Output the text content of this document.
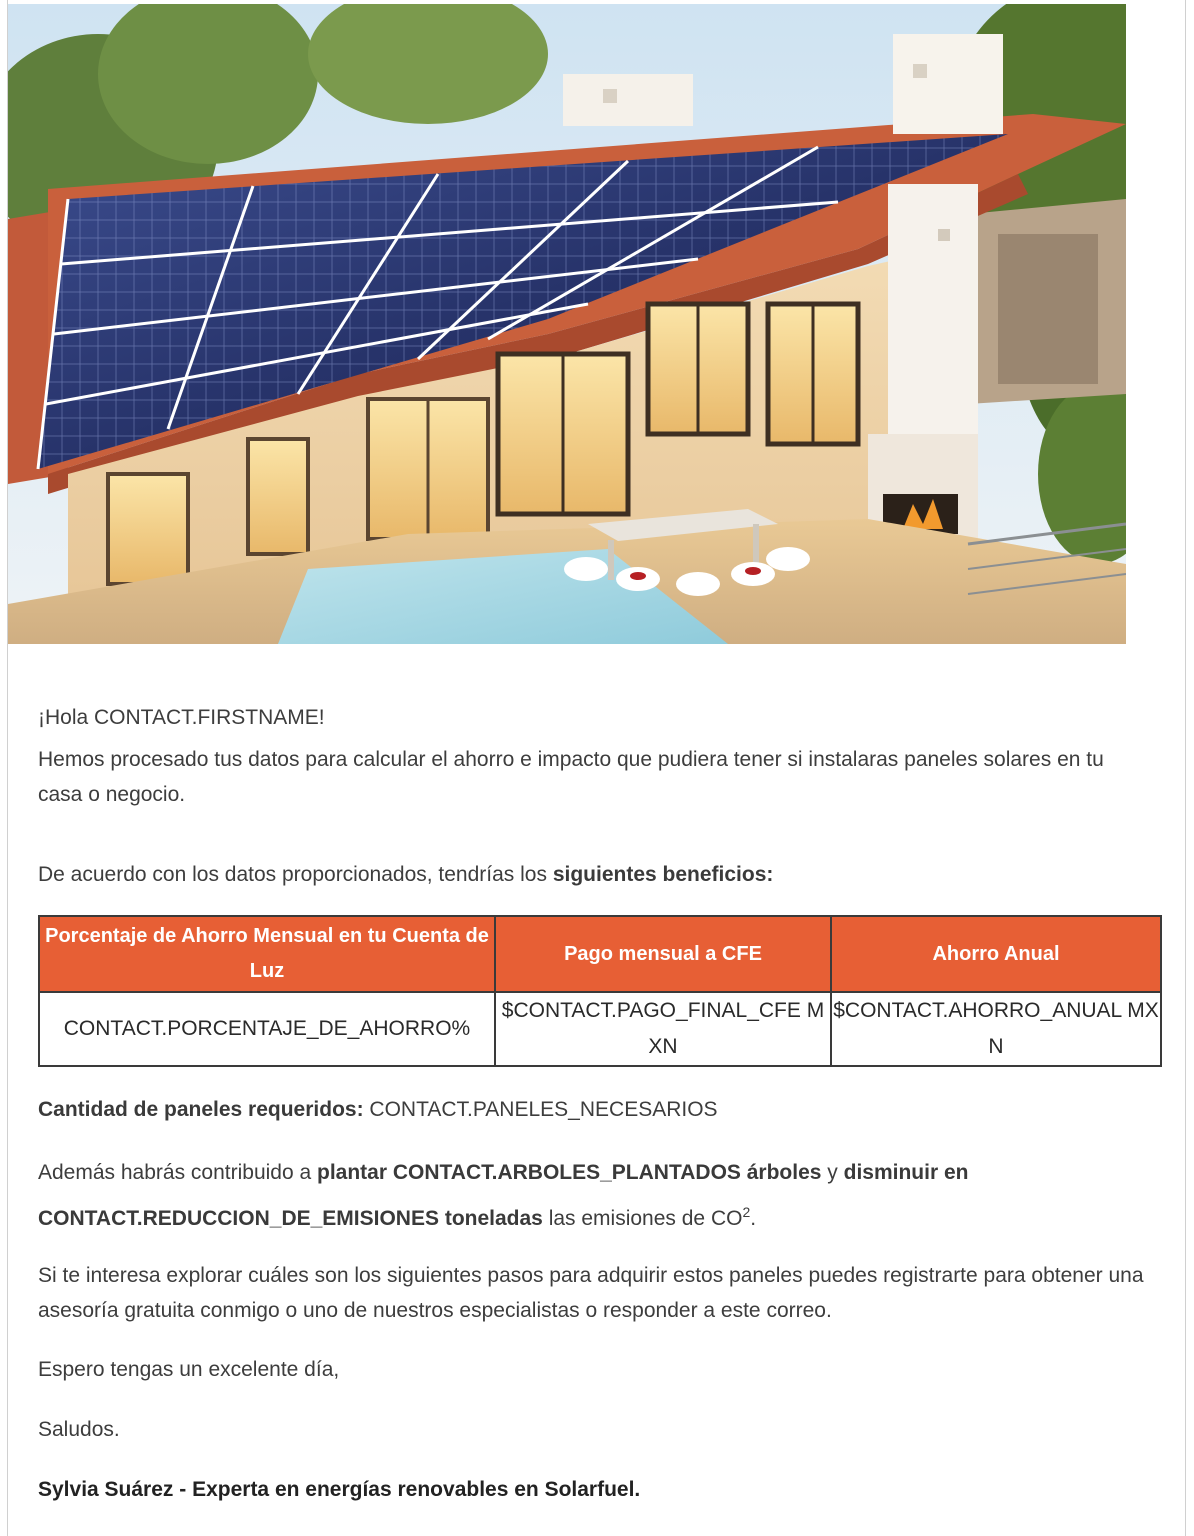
¡Hola CONTACT.FIRSTNAME!

Hemos procesado tus datos para calcular el ahorro e impacto que pudiera tener si instalaras paneles solares en tu casa o negocio.

De acuerdo con los datos proporcionados, tendrías los siguientes beneficios:

Porcentaje de Ahorro Mensual en tu Cuenta de Luz	Pago mensual a CFE	Ahorro Anual
CONTACT.PORCENTAJE_DE_AHORRO%	$CONTACT.PAGO_FINAL_CFE MXN	$CONTACT.AHORRO_ANUAL MXN

Cantidad de paneles requeridos: CONTACT.PANELES_NECESARIOS

Además habrás contribuido a plantar CONTACT.ARBOLES_PLANTADOS árboles y disminuir en CONTACT.REDUCCION_DE_EMISIONES toneladas las emisiones de $CO^2$.

Si te interesa explorar cuáles son los siguientes pasos para adquirir estos paneles puedes registrarte para obtener una asesoría gratuita conmigo o uno de nuestros especialistas o responder a este correo.

Espero tengas un excelente día,

Saludos.

Sylvia Suárez - Experta en energías renovables en Solarfuel.
